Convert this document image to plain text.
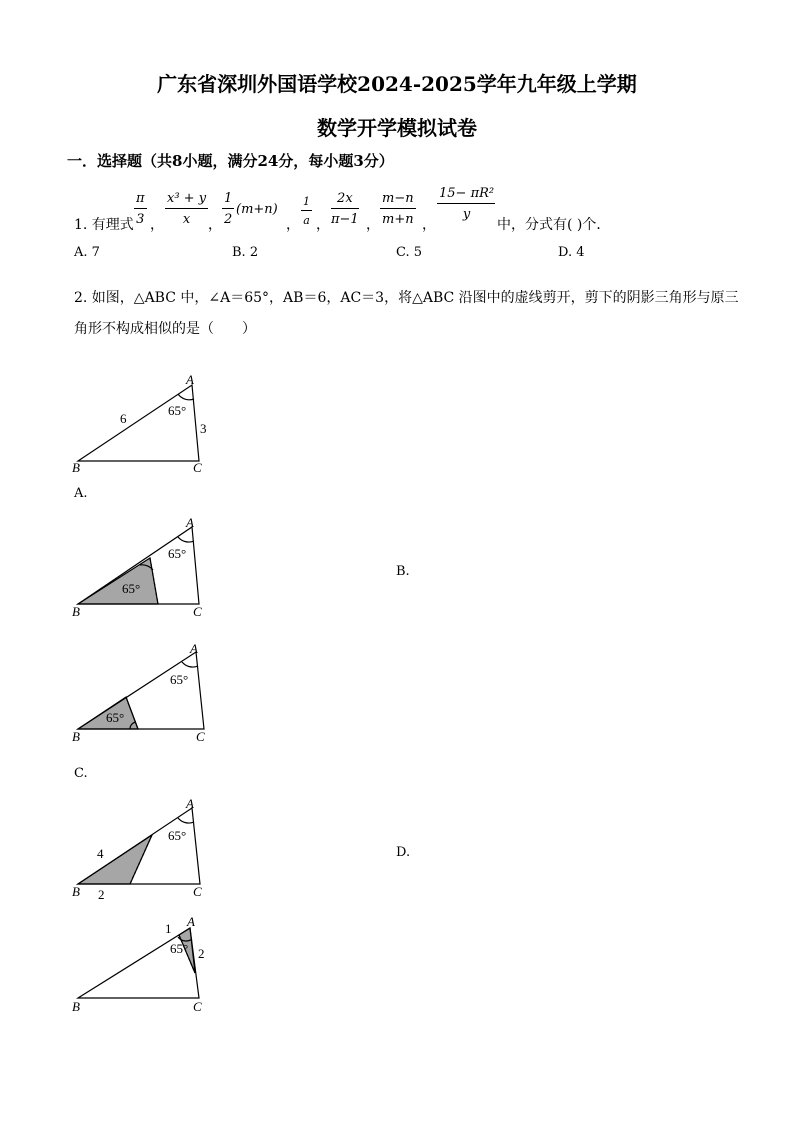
广东省深圳外国语学校2024-2025学年九年级上学期
数学开学模拟试卷
一．选择题（共8小题，满分24分，每小题3分）
1. 有理式
π
3 ，
x³ + y
x	，
1
2
(m+n)
，
1
a ，
2x
π−1 ，
m−n
m+n ，
15− πR²
y
中，分式有( )个．
A. 7	B. 2	C. 5	D. 4
2. 如图，△ABC 中，∠A＝65°，AB＝6，AC＝3，将△ABC 沿图中的虚线剪开，剪下的阴影三角形与原三
角形不构成相似的是（　　）
A
B	C
65°
6
3
A
B	C
65°
65°
A
B	C
65°
65°
A
B	C
65°
4
2
A
B	C
65°
1
2
A.
B.
C.
D.
